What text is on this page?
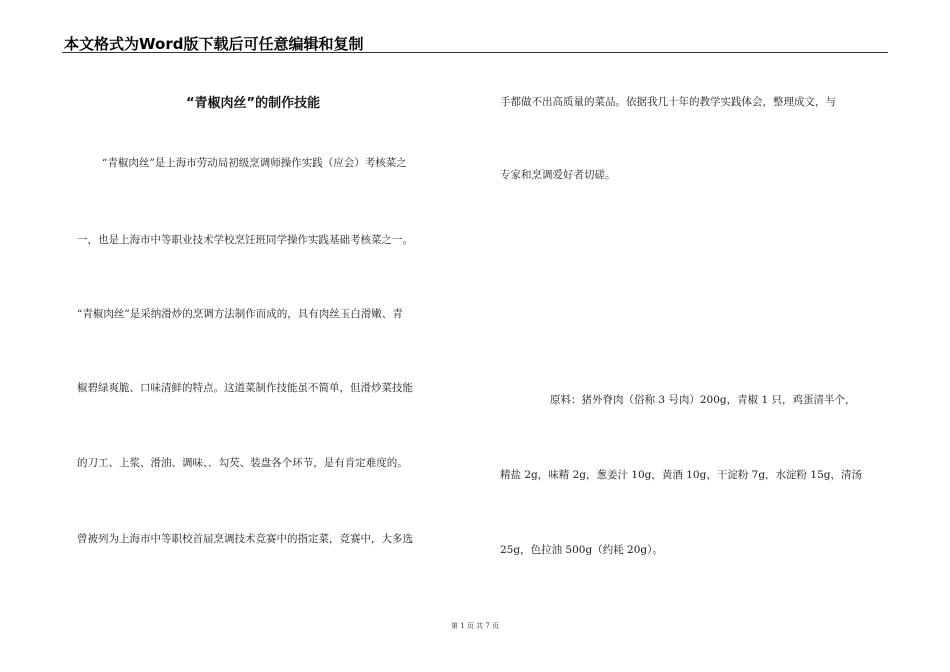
本文格式为Word版下载后可任意编辑和复制
“青椒肉丝”的制作技能
“青椒肉丝”是上海市劳动局初级烹调师操作实践（应会）考核菜之
一，也是上海市中等职业技术学校烹饪班同学操作实践基础考核菜之一。
“青椒肉丝”是采纳滑炒的烹调方法制作而成的，具有肉丝玉白滑嫩、青
椒碧绿爽脆、口味清鲜的特点。这道菜制作技能虽不简单，但滑炒菜技能
的刀工、上浆、滑油、调味、．勾芡、装盘各个环节，是有肯定难度的。
曾被列为上海市中等职校首届烹调技术竞赛中的指定菜，竞赛中，大多选
手都做不出高质量的菜品。依据我几十年的教学实践体会，整理成文，与
专家和烹调爱好者切磋。
原料：猪外脊肉（俗称 3 号肉）200g，青椒 1 只，鸡蛋清半个，
精盐 2g，味精 2g，葱姜汁 10g，黄酒 10g，干淀粉 7g，水淀粉 15g，清汤
25g，色拉油 500g（约耗 20g）。
第 1 页 共 7 页
